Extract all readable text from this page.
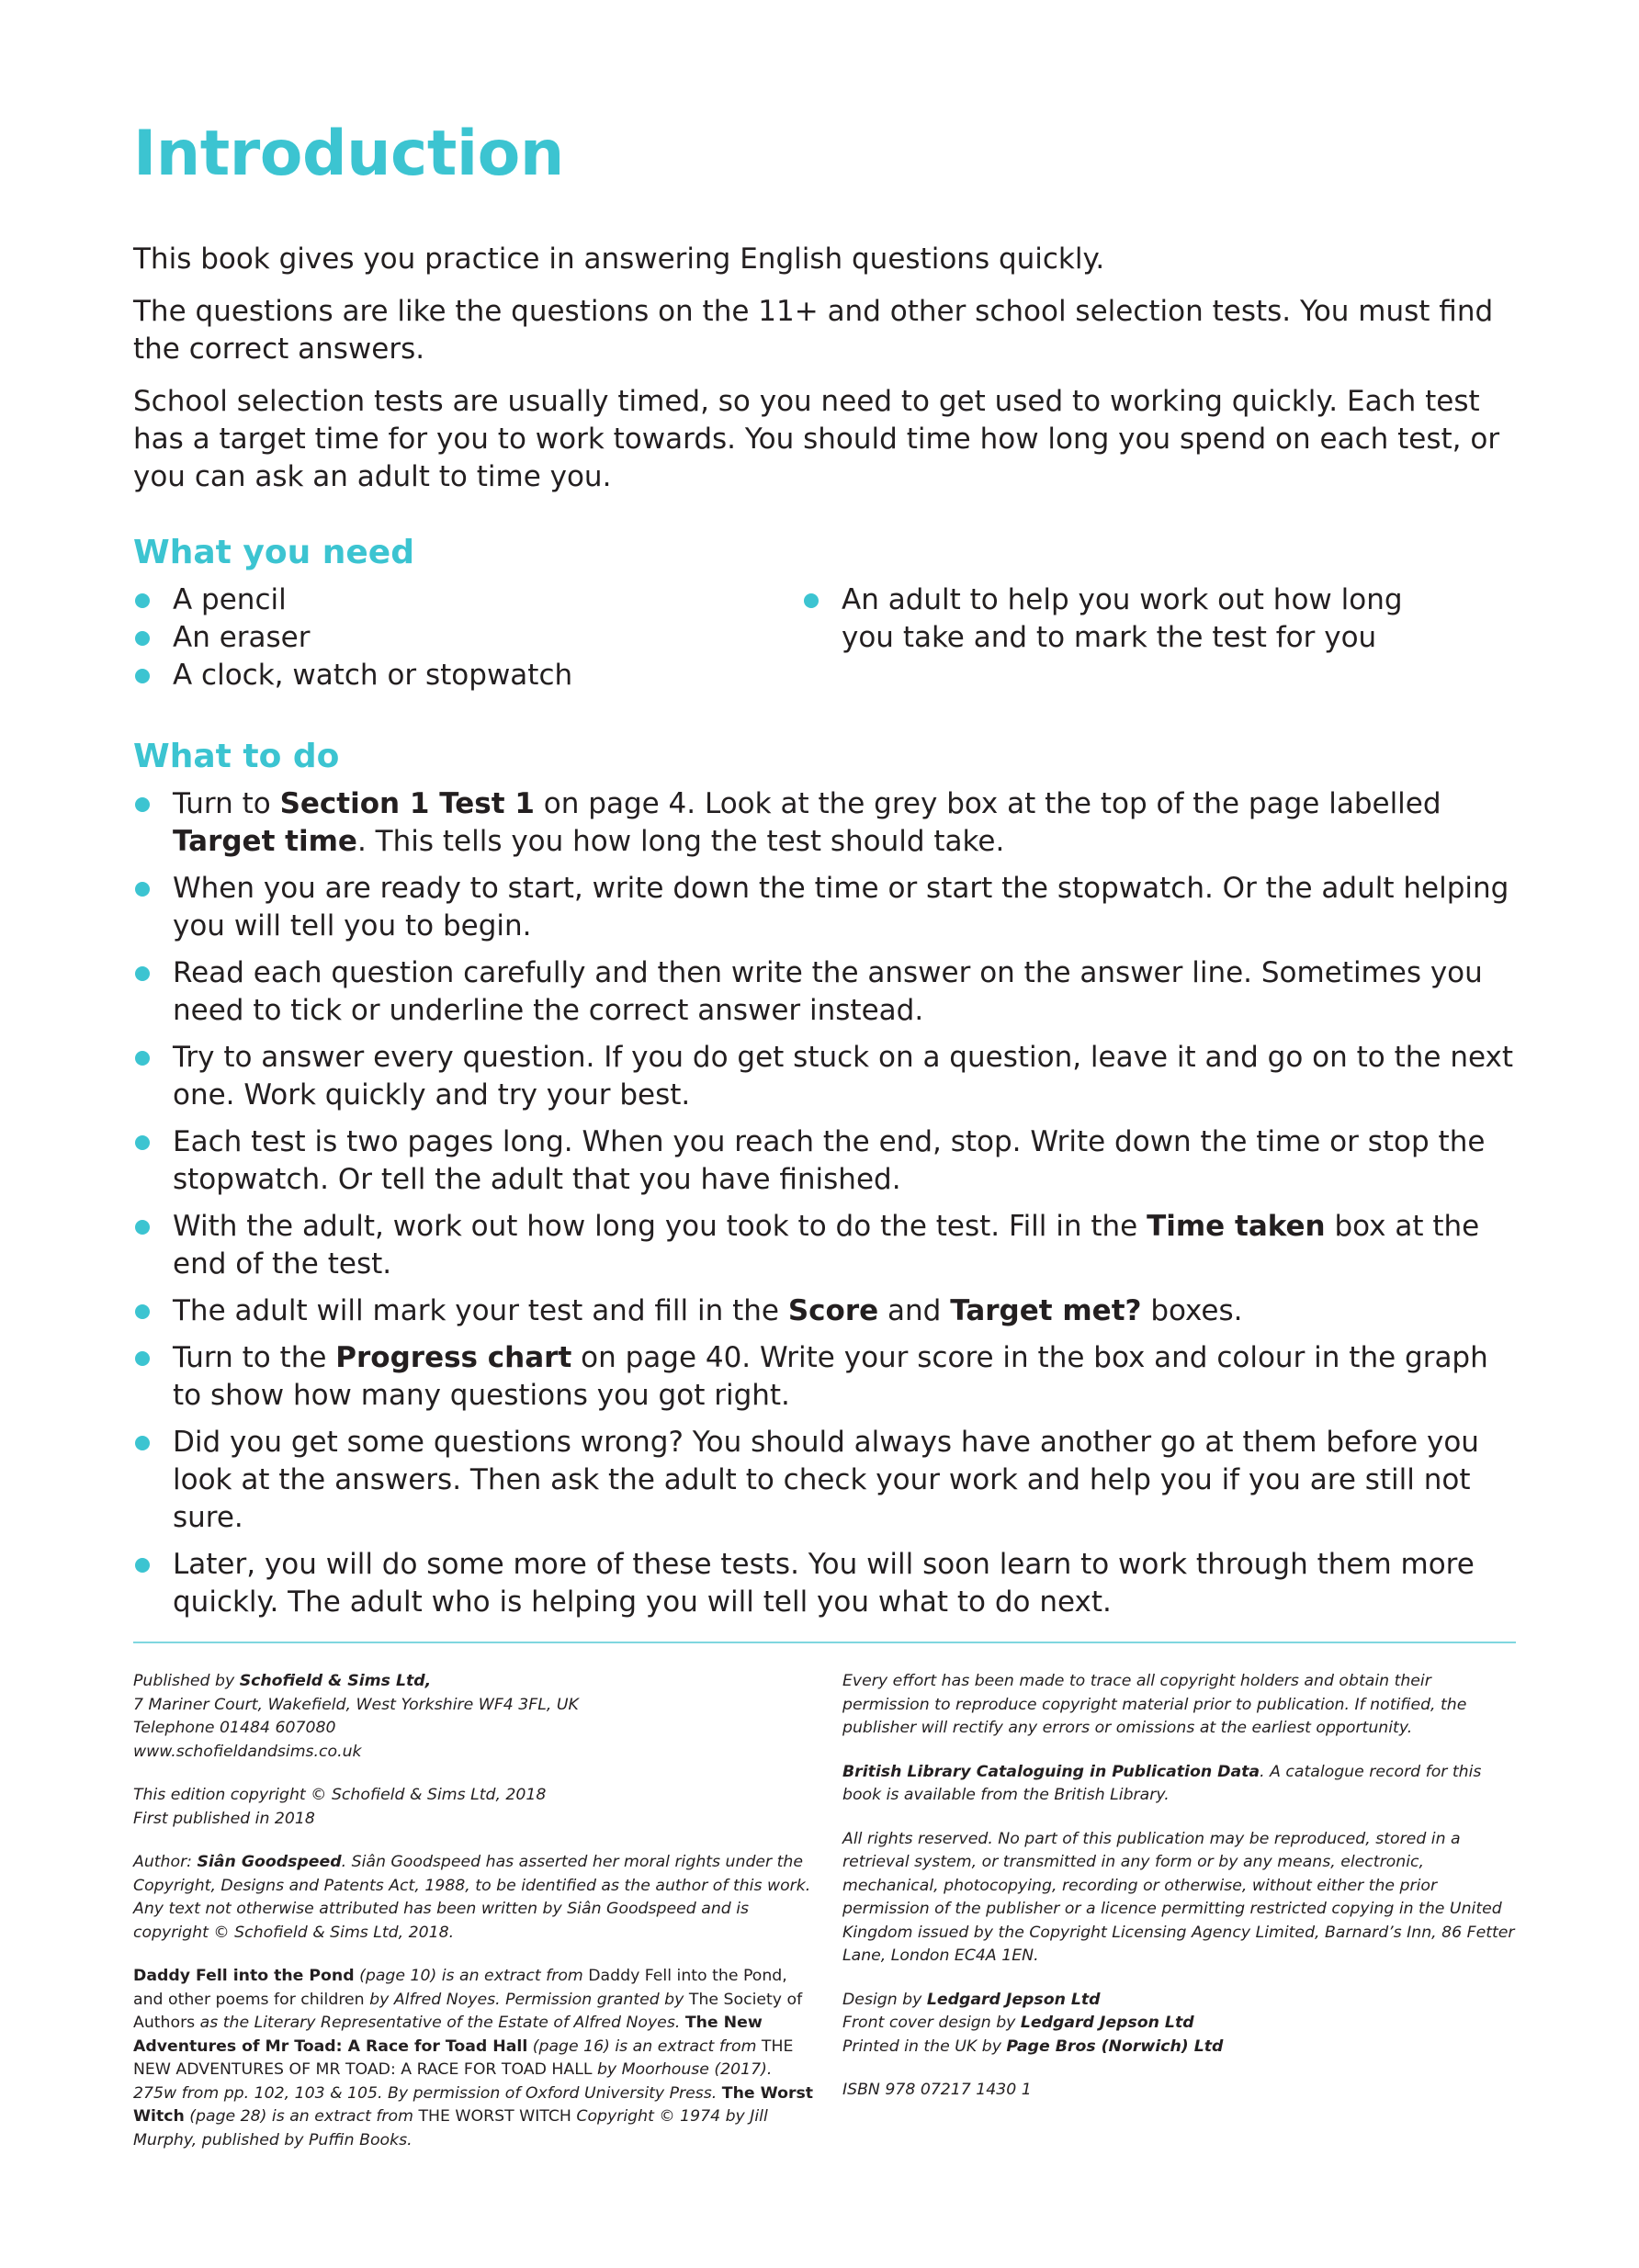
Introduction

This book gives you practice in answering English questions quickly.

The questions are like the questions on the 11+ and other school selection tests. You must find the correct answers.

School selection tests are usually timed, so you need to get used to working quickly. Each test has a target time for you to work towards. You should time how long you spend on each test, or you can ask an adult to time you.

What you need
A pencil
An eraser
A clock, watch or stopwatch
An adult to help you work out how long you take and to mark the test for you
What to do
Turn to Section 1 Test 1 on page 4. Look at the grey box at the top of the page labelled Target time. This tells you how long the test should take.
When you are ready to start, write down the time or start the stopwatch. Or the adult helping you will tell you to begin.
Read each question carefully and then write the answer on the answer line. Sometimes you need to tick or underline the correct answer instead.
Try to answer every question. If you do get stuck on a question, leave it and go on to the next one. Work quickly and try your best.
Each test is two pages long. When you reach the end, stop. Write down the time or stop the stopwatch. Or tell the adult that you have finished.
With the adult, work out how long you took to do the test. Fill in the Time taken box at the end of the test.
The adult will mark your test and fill in the Score and Target met? boxes.
Turn to the Progress chart on page 40. Write your score in the box and colour in the graph to show how many questions you got right.
Did you get some questions wrong? You should always have another go at them before you look at the answers. Then ask the adult to check your work and help you if you are still not sure.
Later, you will do some more of these tests. You will soon learn to work through them more quickly. The adult who is helping you will tell you what to do next.

Published by Schofield & Sims Ltd,
7 Mariner Court, Wakefield, West Yorkshire WF4 3FL, UK
Telephone 01484 607080
www.schofieldandsims.co.uk

This edition copyright © Schofield & Sims Ltd, 2018
First published in 2018

Author: Siân Goodspeed. Siân Goodspeed has asserted her moral rights under the Copyright, Designs and Patents Act, 1988, to be identified as the author of this work. Any text not otherwise attributed has been written by Siân Goodspeed and is copyright © Schofield & Sims Ltd, 2018.

Daddy Fell into the Pond (page 10) is an extract from Daddy Fell into the Pond, and other poems for children by Alfred Noyes. Permission granted by The Society of Authors as the Literary Representative of the Estate of Alfred Noyes. The New Adventures of Mr Toad: A Race for Toad Hall (page 16) is an extract from THE NEW ADVENTURES OF MR TOAD: A RACE FOR TOAD HALL by Moorhouse (2017). 275w from pp. 102, 103 & 105. By permission of Oxford University Press. The Worst Witch (page 28) is an extract from THE WORST WITCH Copyright © 1974 by Jill Murphy, published by Puffin Books.

Every effort has been made to trace all copyright holders and obtain their permission to reproduce copyright material prior to publication. If notified, the publisher will rectify any errors or omissions at the earliest opportunity.

British Library Cataloguing in Publication Data. A catalogue record for this book is available from the British Library.

All rights reserved. No part of this publication may be reproduced, stored in a retrieval system, or transmitted in any form or by any means, electronic, mechanical, photocopying, recording or otherwise, without either the prior permission of the publisher or a licence permitting restricted copying in the United Kingdom issued by the Copyright Licensing Agency Limited, Barnard’s Inn, 86 Fetter Lane, London EC4A 1EN.

Design by Ledgard Jepson Ltd
Front cover design by Ledgard Jepson Ltd
Printed in the UK by Page Bros (Norwich) Ltd

ISBN 978 07217 1430 1
